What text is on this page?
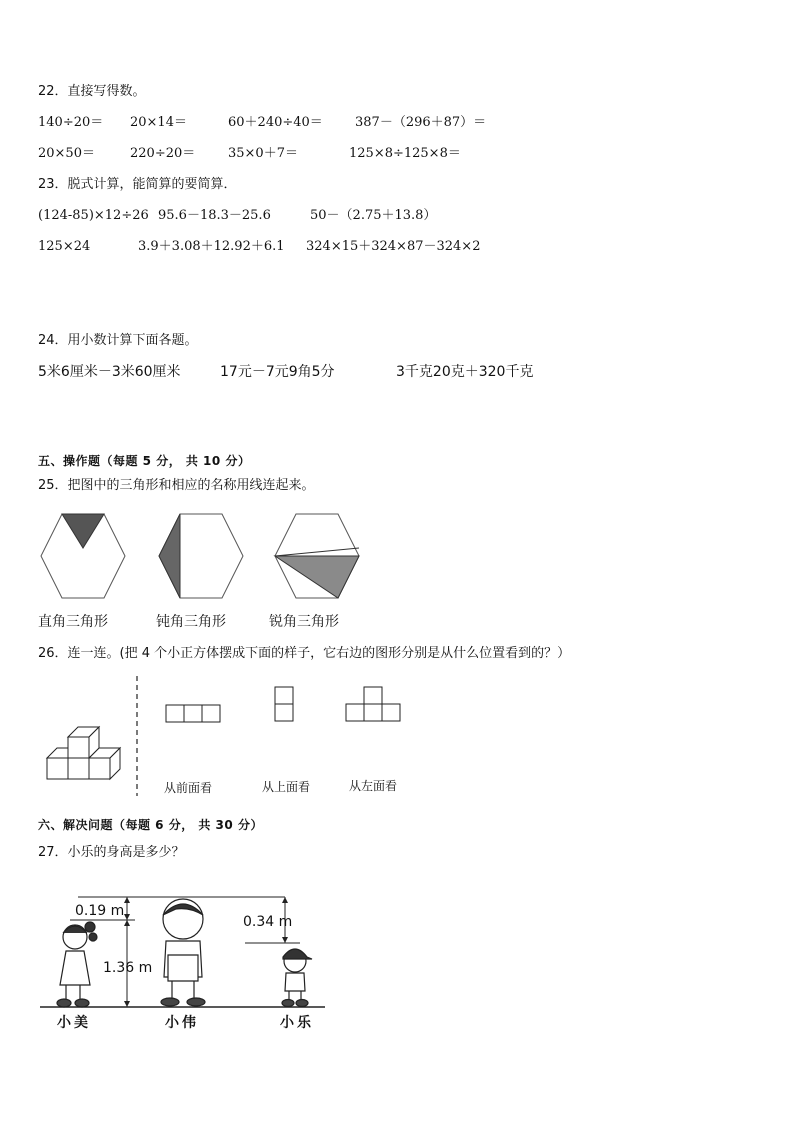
22．直接写得数。
140÷20＝ 20×14＝	60＋240÷40＝ 387－（296＋87）＝
20×50＝	220÷20＝	35×0＋7＝	125×8÷125×8＝
23．脱式计算，能简算的要简算．
(124-85)×12÷26 95.6－18.3－25.6	50－（2.75＋13.8）
125×24	3.9＋3.08＋12.92＋6.1 324×15＋324×87－324×2
24．用小数计算下面各题。
5米6厘米－3米60厘米	17元－7元9角5分	3千克20克＋320千克
五、操作题（每题 5 分， 共 10 分）
25．把图中的三角形和相应的名称用线连起来。
直角三角形	钝角三角形	锐角三角形
26．连一连。(把 4 个小正方体摆成下面的样子，它右边的图形分别是从什么位置看到的？）
从前面看	从上面看	从左面看
六、解决问题（每题 6 分， 共 30 分）
27．小乐的身高是多少？
0.19 m
1.36 m
0.34 m
小美	小伟	小乐
